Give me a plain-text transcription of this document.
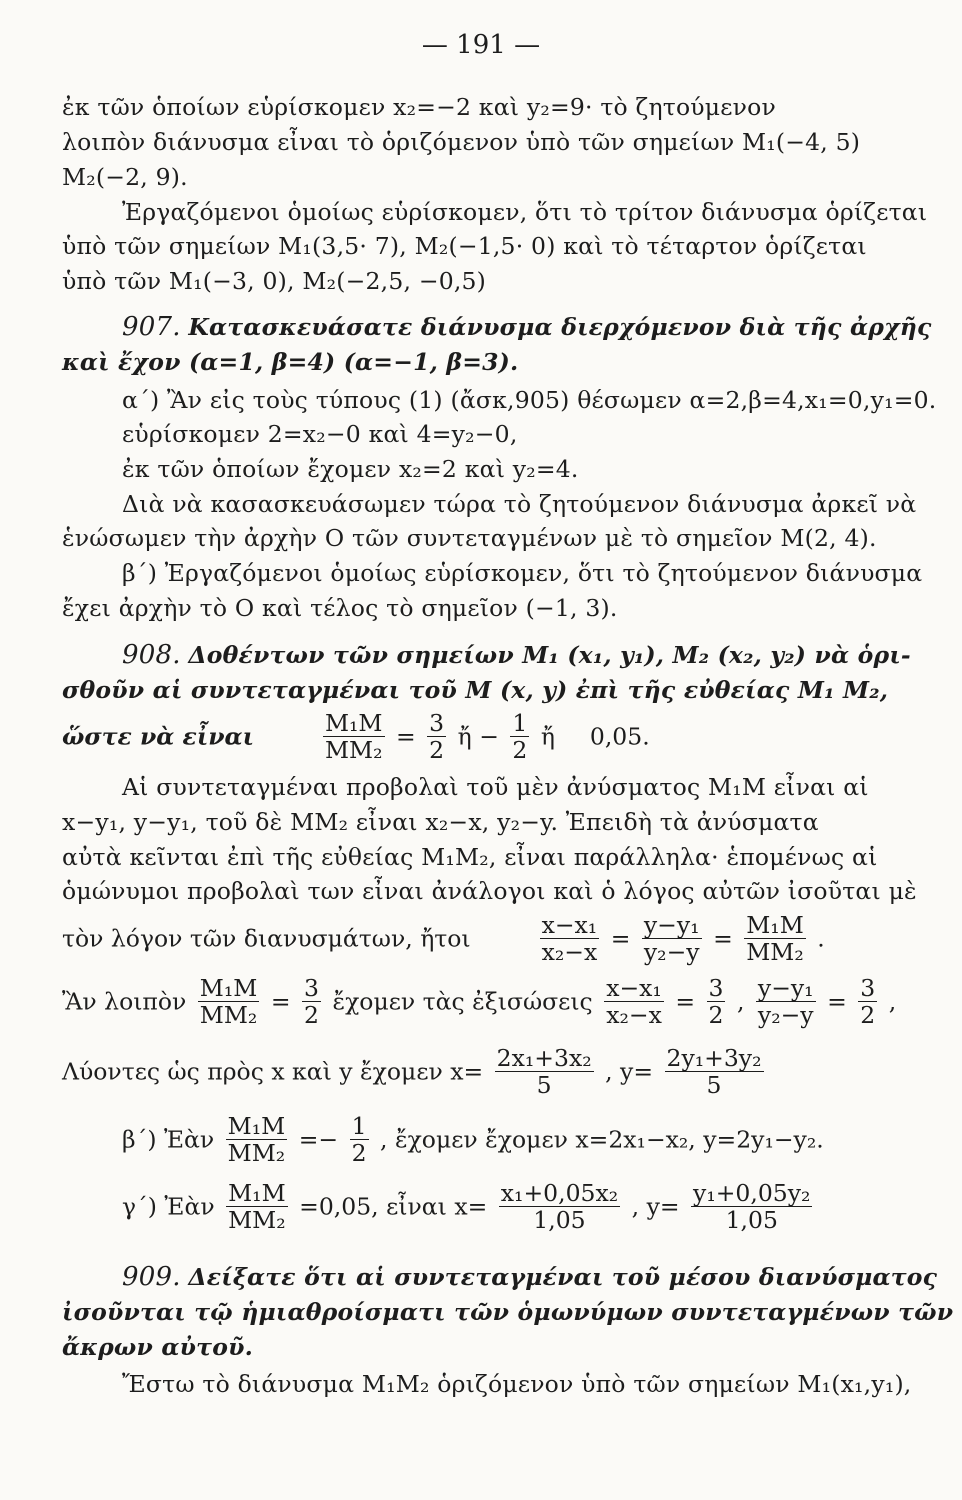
— 191 —
ἐκ τῶν ὁποίων εὑρίσκομεν x₂=−2 καὶ y₂=9· τὸ ζητούμενον
λοιπὸν διάνυσμα εἶναι τὸ ὁριζόμενον ὑπὸ τῶν σημείων M₁(−4, 5)
M₂(−2, 9).
Ἐργαζόμενοι ὁμοίως εὑρίσκομεν, ὅτι τὸ τρίτον διάνυσμα ὁρίζεται
ὑπὸ τῶν σημείων M₁(3,5· 7), M₂(−1,5· 0) καὶ τὸ τέταρτον ὁρίζεται
ὑπὸ τῶν M₁(−3, 0), M₂(−2,5, −0,5)
907. Κατασκευάσατε διάνυσμα διερχόμενον διὰ τῆς ἀρχῆς
καὶ ἔχον (α=1, β=4) (α=−1, β=3).
α΄) Ἂν εἰς τοὺς τύπους (1) (ἄσκ,905) θέσωμεν α=2,β=4,x₁=0,y₁=0.
εὑρίσκομεν 2=x₂−0 καὶ 4=y₂−0,
ἐκ τῶν ὁποίων ἔχομεν x₂=2 καὶ y₂=4.
Διὰ νὰ κασασκευάσωμεν τώρα τὸ ζητούμενον διάνυσμα ἀρκεῖ νὰ
ἑνώσωμεν τὴν ἀρχὴν O τῶν συντεταγμένων μὲ τὸ σημεῖον M(2, 4).
β΄) Ἐργαζόμενοι ὁμοίως εὑρίσκομεν, ὅτι τὸ ζητούμενον διάνυσμα
ἔχει ἀρχὴν τὸ O καὶ τέλος τὸ σημεῖον (−1, 3).
908. Δοθέντων τῶν σημείων M₁ (x₁, y₁), M₂ (x₂, y₂) νὰ ὁρι-
σθοῦν αἱ συντεταγμέναι τοῦ M (x, y) ἐπὶ τῆς εὐθείας M₁ M₂,
ὥστε νὰ εἶναι	$\frac{\text{M₁M}}{\text{MM₂}} = \frac{3}{2}$ ἤ − $\frac{1}{2}$ ἤ 0,05.
Αἱ συντεταγμέναι προβολαὶ τοῦ μὲν ἀνύσματος M₁M εἶναι αἱ
x−y₁, y−y₁, τοῦ δὲ MM₂ εἶναι x₂−x, y₂−y. Ἐπειδὴ τὰ ἀνύσματα
αὐτὰ κεῖνται ἐπὶ τῆς εὐθείας M₁M₂, εἶναι παράλληλα· ἑπομένως αἱ
ὁμώνυμοι προβολαὶ των εἶναι ἀνάλογοι καὶ ὁ λόγος αὐτῶν ἰσοῦται μὲ
τὸν λόγον τῶν διανυσμάτων, ἤτοι	$\frac{\text{x−x₁}}{\text{x₂−x}} = \frac{\text{y−y₁}}{\text{y₂−y}} = \frac{\text{M₁M}}{\text{MM₂}}$ .
Ἂν λοιπὸν $\frac{\text{M₁M}}{\text{MM₂}} = \frac{3}{2}$ ἔχομεν τὰς ἐξισώσεις $\frac{\text{x−x₁}}{\text{x₂−x}} = \frac{3}{2}$ , $\frac{\text{y−y₁}}{\text{y₂−y}} = \frac{3}{2}$ ,
Λύοντες ὡς πρὸς x καὶ y ἔχομεν $x= \frac{\text{2x₁+3x₂}}{5}$ , $y= \frac{\text{2y₁+3y₂}}{5}$
β΄) Ἐὰν $\frac{\text{M₁M}}{\text{MM₂}} =- \frac{1}{2}$ , ἔχομεν ἔχομεν x=2x₁−x₂, y=2y₁−y₂.
γ΄) Ἐὰν $\frac{\text{M₁M}}{\text{MM₂}} =0,05$, εἶναι $x= \frac{\text{x₁+0,05x₂}}{1,05}$ , $y= \frac{\text{y₁+0,05y₂}}{1,05}$
909. Δείξατε ὅτι αἱ συντεταγμέναι τοῦ μέσου διανύσματος
ἰσοῦνται τῷ ἡμιαθροίσματι τῶν ὁμωνύμων συντεταγμένων τῶν
ἄκρων αὐτοῦ.
Ἔστω τὸ διάνυσμα M₁M₂ ὁριζόμενον ὑπὸ τῶν σημείων M₁(x₁,y₁),
